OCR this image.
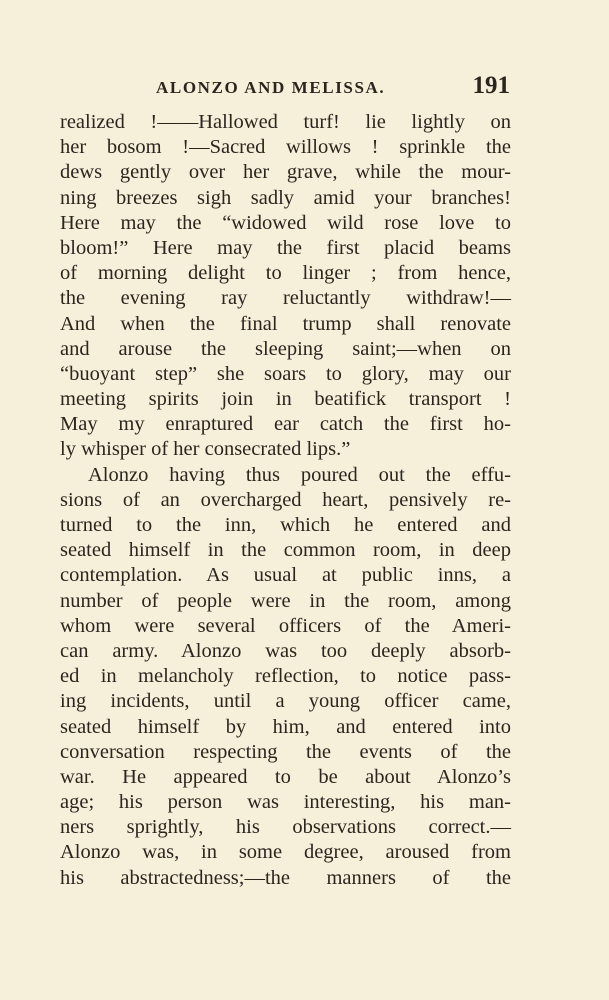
ALONZO AND MELISSA.	191
realized !——Hallowed turf! lie lightly on
her bosom !—Sacred willows ! sprinkle the
dews gently over her grave, while the mour-
ning breezes sigh sadly amid your branches!
Here may the “widowed wild rose love to
bloom!” Here may the first placid beams
of morning delight to linger ; from hence,
the evening ray reluctantly withdraw!—
And when the final trump shall renovate
and arouse the sleeping saint;—when on
“buoyant step” she soars to glory, may our
meeting spirits join in beatifick transport !
May my enraptured ear catch the first ho-
ly whisper of her consecrated lips.”
Alonzo having thus poured out the effu-
sions of an overcharged heart, pensively re-
turned to the inn, which he entered and
seated himself in the common room, in deep
contemplation. As usual at public inns, a
number of people were in the room, among
whom were several officers of the Ameri-
can army. Alonzo was too deeply absorb-
ed in melancholy reflection, to notice pass-
ing incidents, until a young officer came,
seated himself by him, and entered into
conversation respecting the events of the
war. He appeared to be about Alonzo’s
age; his person was interesting, his man-
ners sprightly, his observations correct.—
Alonzo was, in some degree, aroused from
his abstractedness;—the manners of the
